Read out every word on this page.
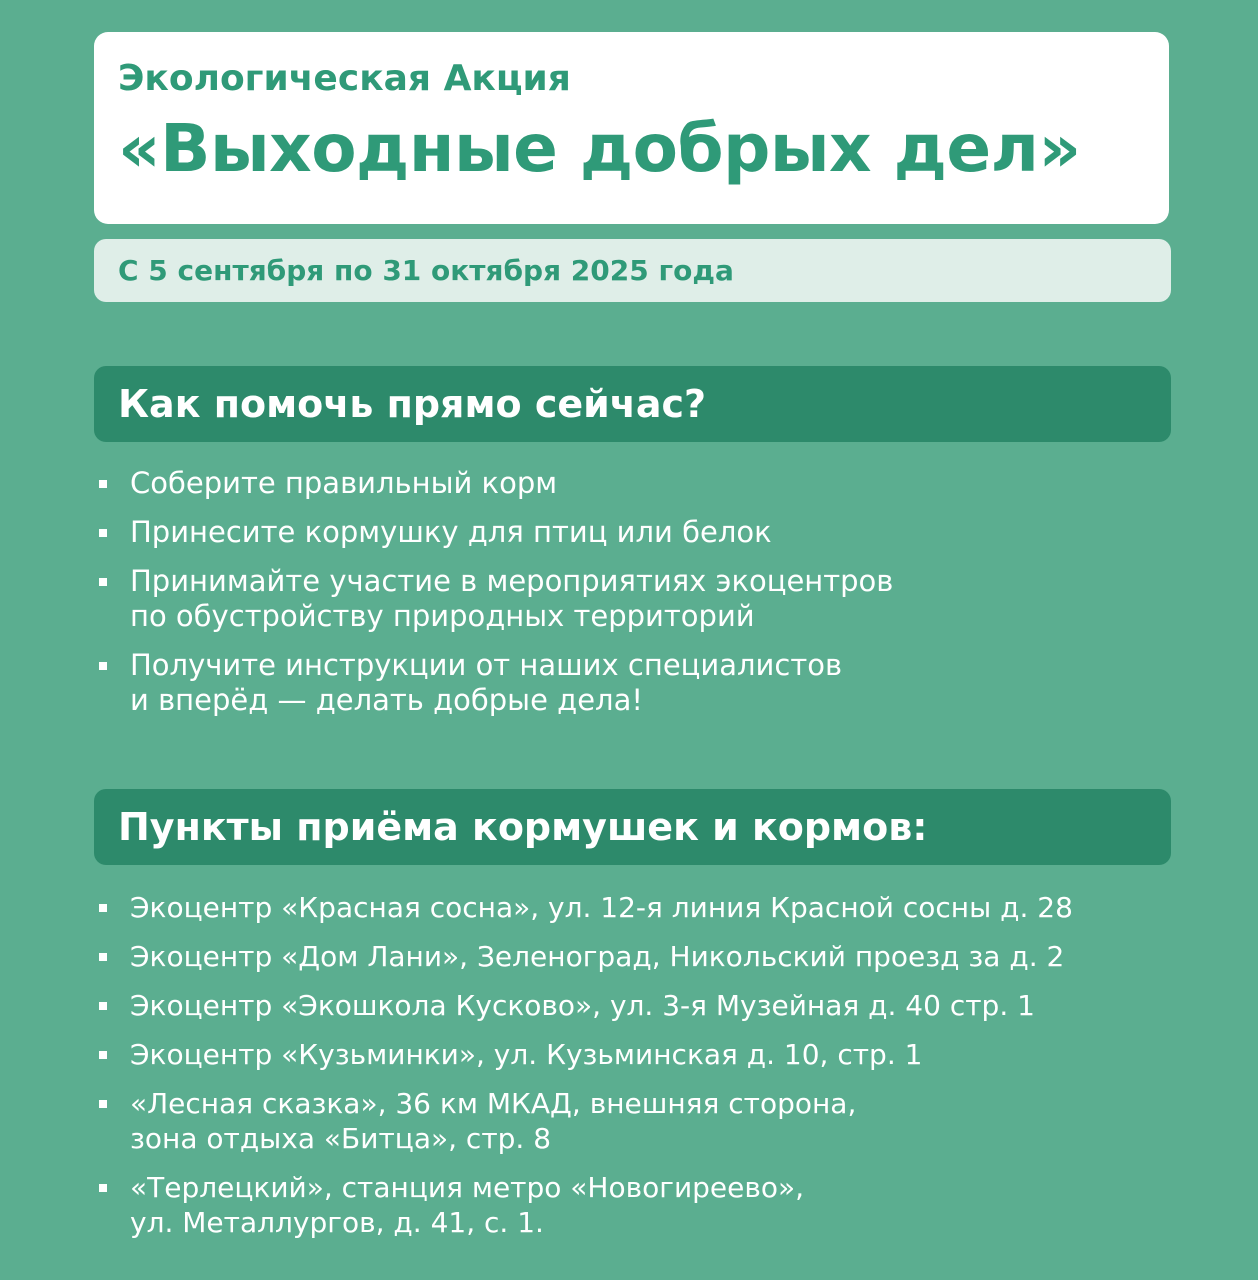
Экологическая Акция
«Выходные добрых дел»
С 5 сентября по 31 октября 2025 года
Как помочь прямо сейчас?
Соберите правильный корм
Принесите кормушку для птиц или белок
Принимайте участие в мероприятиях экоцентров
по обустройству природных территорий
Получите инструкции от наших специалистов
и вперёд — делать добрые дела!
Пункты приёма кормушек и кормов:
Экоцентр «Красная сосна», ул. 12-я линия Красной сосны д. 28
Экоцентр «Дом Лани», Зеленоград, Никольский проезд за д. 2
Экоцентр «Экошкола Кусково», ул. 3-я Музейная д. 40 стр. 1
Экоцентр «Кузьминки», ул. Кузьминская д. 10, стр. 1
«Лесная сказка», 36 км МКАД, внешняя сторона,
зона отдыха «Битца», стр. 8
«Терлецкий», станция метро «Новогиреево»,
ул. Металлургов, д. 41, с. 1.
